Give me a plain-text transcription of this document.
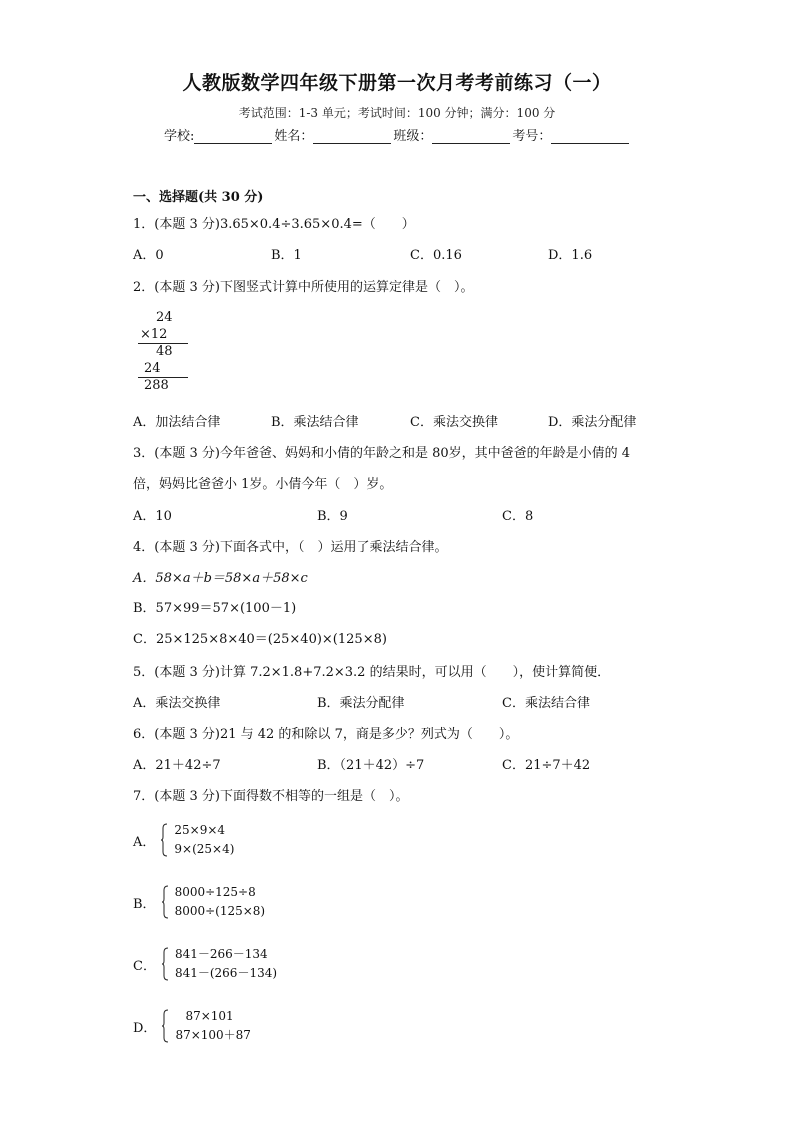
人教版数学四年级下册第一次月考考前练习（一）
考试范围：1-3 单元；考试时间：100 分钟；满分：100 分
学校:	姓名：	班级：	考号：
一、选择题(共 30 分)
1．(本题 3 分)3.65×0.4÷3.65×0.4=（　　）
A．0	B．1	C．0.16	D．1.6
2．(本题 3 分)下图竖式计算中所使用的运算定律是（　）。
24
×12
48
24
288
A．加法结合律	B．乘法结合律	C．乘法交换律	D．乘法分配律
3．(本题 3 分)今年爸爸、妈妈和小倩的年龄之和是 80岁，其中爸爸的年龄是小倩的 4
倍，妈妈比爸爸小 1岁。小倩今年（　）岁。
A．10	B．9	C．8
4．(本题 3 分)下面各式中，（　）运用了乘法结合律。
A．58×a＋b＝58×a＋58×c
B．57×99＝57×(100－1)
C．25×125×8×40＝(25×40)×(125×8)
5．(本题 3 分)计算 7.2×1.8+7.2×3.2 的结果时，可以用（　　），使计算简便．
A．乘法交换律	B．乘法分配律	C．乘法结合律
6．(本题 3 分)21 与 42 的和除以 7，商是多少？列式为（　　）。
A．21＋42÷7	B．（21＋42）÷7	C．21÷7＋42
7．(本题 3 分)下面得数不相等的一组是（　）。
A．
25×9×4
9×(25×4)
B．
8000÷125÷8
8000÷(125×8)
C．
841－266－134
841－(266－134)
D．
87×101
87×100＋87
